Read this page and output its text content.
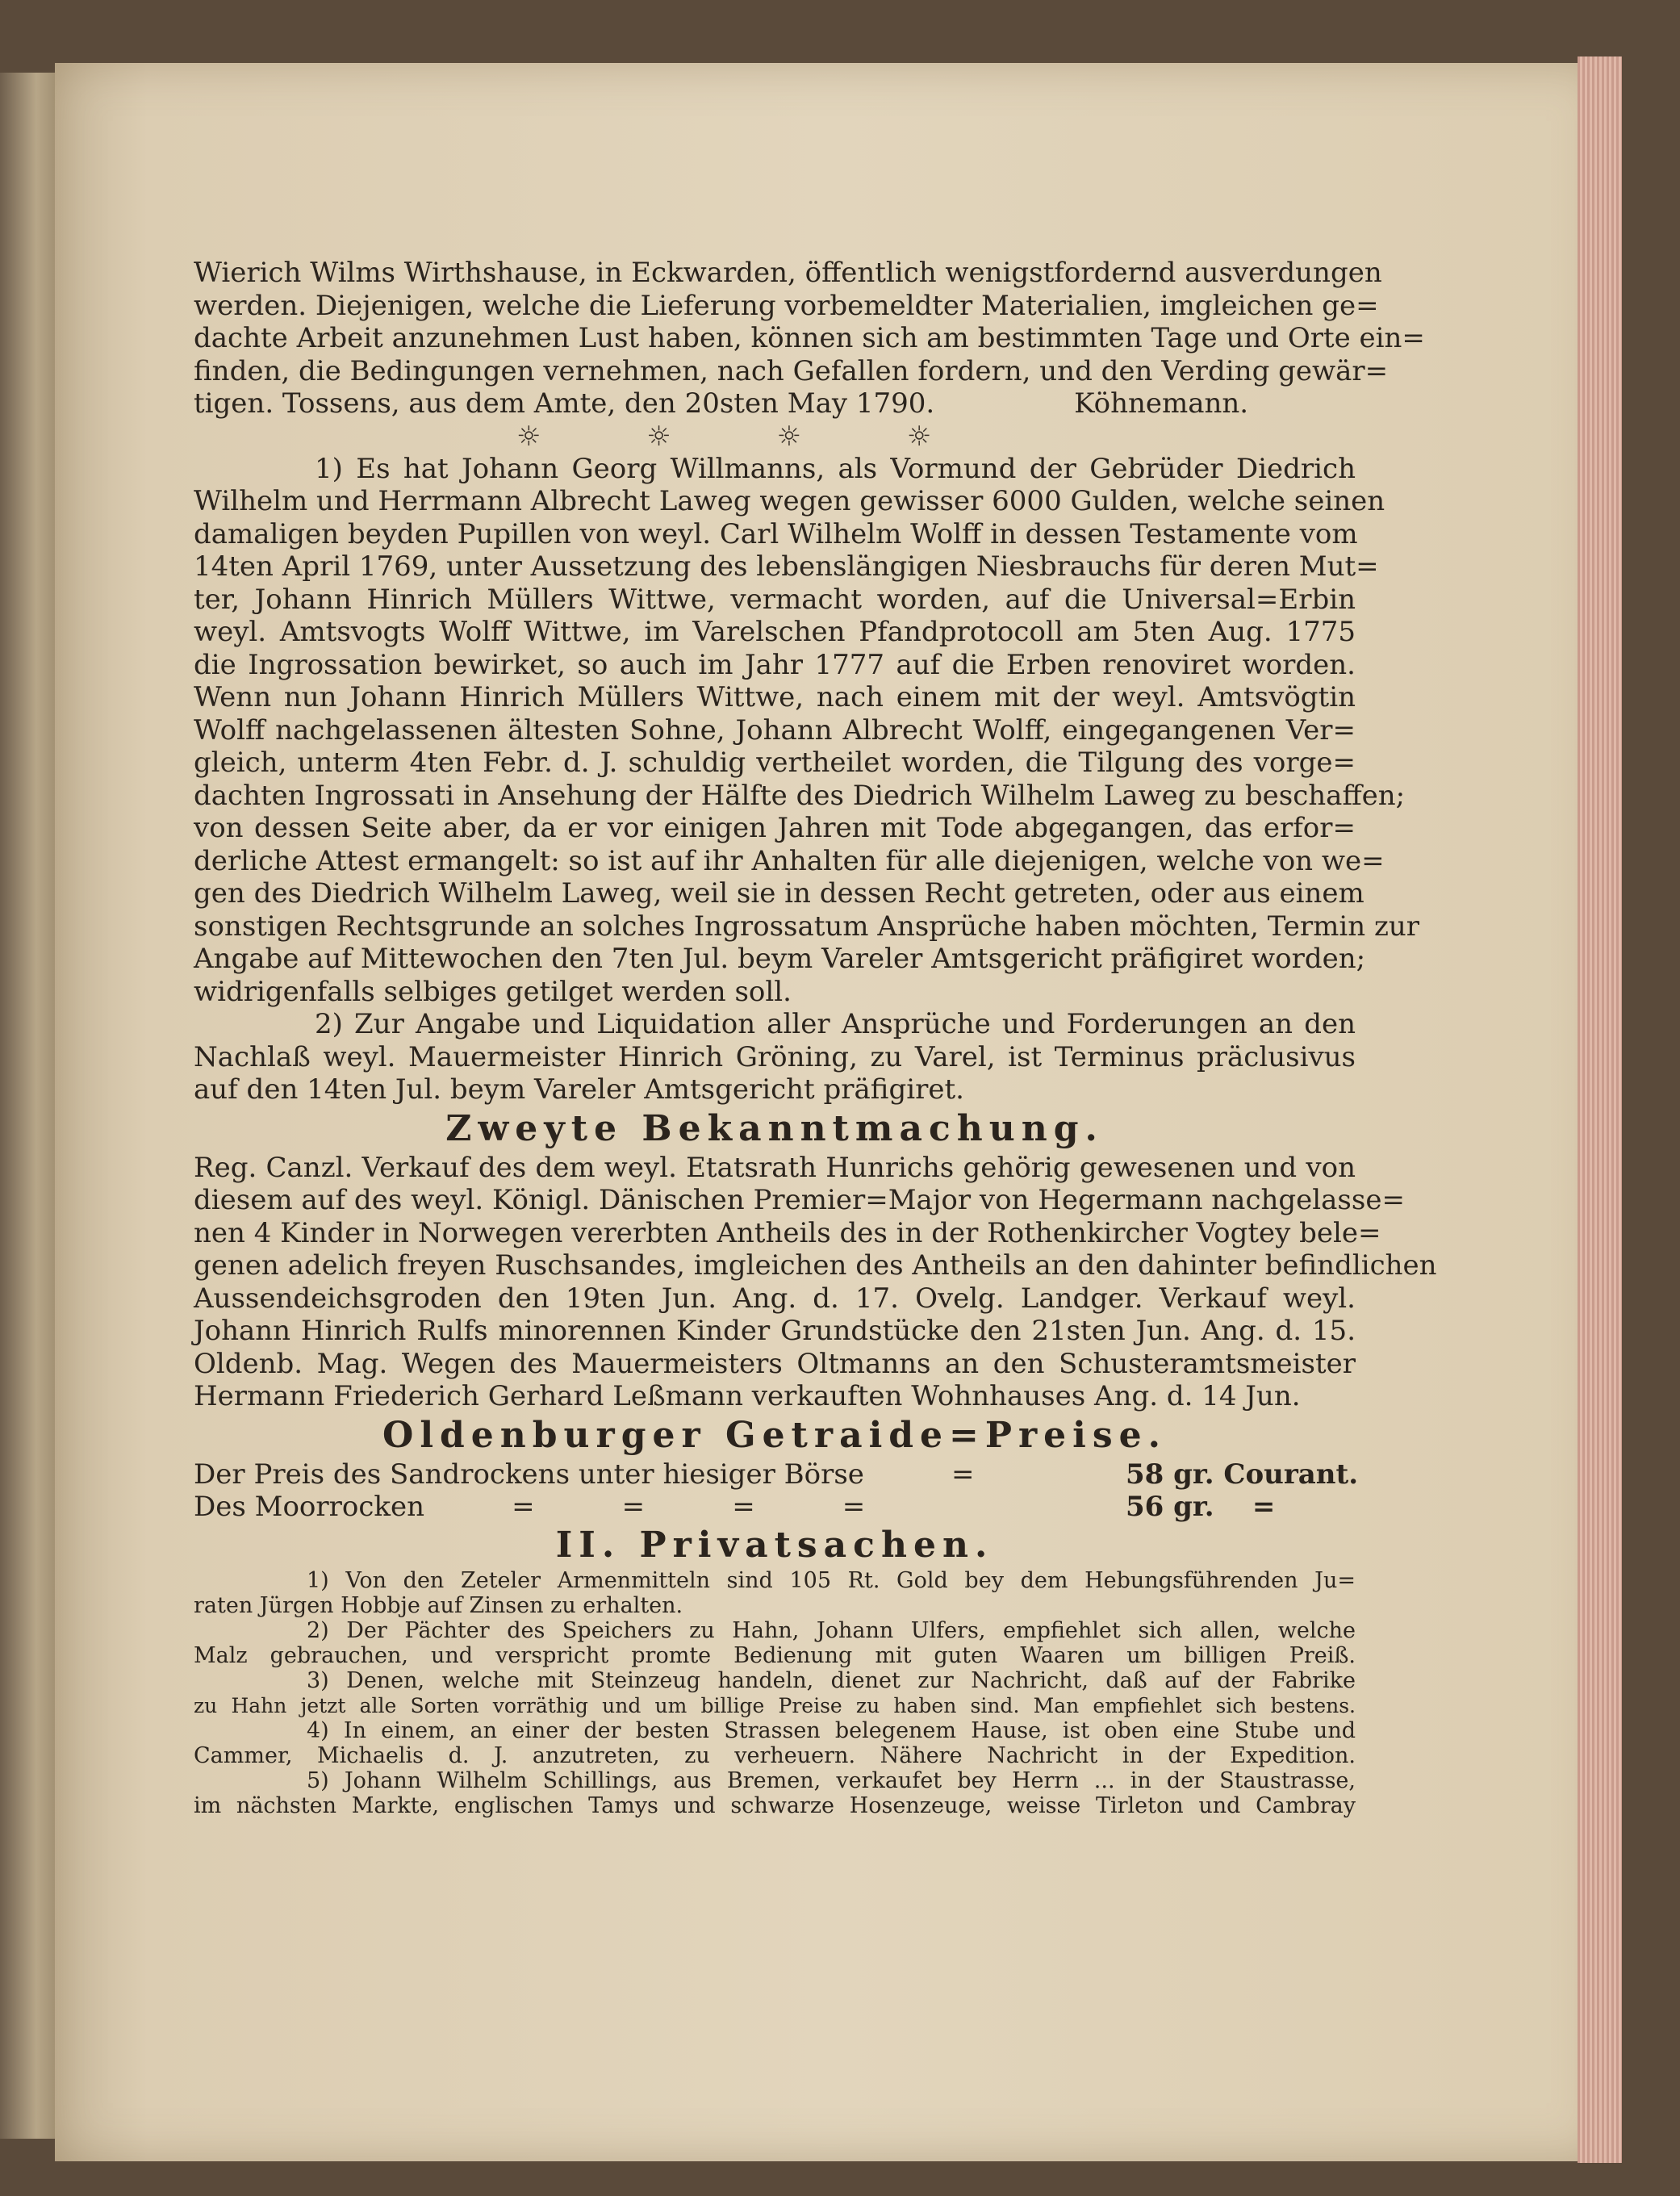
Wierich Wilms Wirthshause, in Eckwarden, öffentlich wenigstfordernd ausverdungen
werden. Diejenigen, welche die Lieferung vorbemeldter Materialien, imgleichen ge=
dachte Arbeit anzunehmen Lust haben, können sich am bestimmten Tage und Orte ein=
finden, die Bedingungen vernehmen, nach Gefallen fordern, und den Verding gewär=
tigen. Tossens, aus dem Amte, den 20sten May 1790.                Köhnemann.
☼ ☼ ☼ ☼
1) Es hat Johann Georg Willmanns, als Vormund der Gebrüder Diedrich
Wilhelm und Herrmann Albrecht Laweg wegen gewisser 6000 Gulden, welche seinen
damaligen beyden Pupillen von weyl. Carl Wilhelm Wolff in dessen Testamente vom
14ten April 1769, unter Aussetzung des lebenslängigen Niesbrauchs für deren Mut=
ter, Johann Hinrich Müllers Wittwe, vermacht worden, auf die Universal=Erbin
weyl. Amtsvogts Wolff Wittwe, im Varelschen Pfandprotocoll am 5ten Aug. 1775
die Ingrossation bewirket, so auch im Jahr 1777 auf die Erben renoviret worden.
Wenn nun Johann Hinrich Müllers Wittwe, nach einem mit der weyl. Amtsvögtin
Wolff nachgelassenen ältesten Sohne, Johann Albrecht Wolff, eingegangenen Ver=
gleich, unterm 4ten Febr. d. J. schuldig vertheilet worden, die Tilgung des vorge=
dachten Ingrossati in Ansehung der Hälfte des Diedrich Wilhelm Laweg zu beschaffen;
von dessen Seite aber, da er vor einigen Jahren mit Tode abgegangen, das erfor=
derliche Attest ermangelt: so ist auf ihr Anhalten für alle diejenigen, welche von we=
gen des Diedrich Wilhelm Laweg, weil sie in dessen Recht getreten, oder aus einem
sonstigen Rechtsgrunde an solches Ingrossatum Ansprüche haben möchten, Termin zur
Angabe auf Mittewochen den 7ten Jul. beym Vareler Amtsgericht präfigiret worden;
widrigenfalls selbiges getilget werden soll.
2) Zur Angabe und Liquidation aller Ansprüche und Forderungen an den
Nachlaß weyl. Mauermeister Hinrich Gröning, zu Varel, ist Terminus präclusivus
auf den 14ten Jul. beym Vareler Amtsgericht präfigiret.
Zweyte Bekanntmachung.
Reg. Canzl. Verkauf des dem weyl. Etatsrath Hunrichs gehörig gewesenen und von
diesem auf des weyl. Königl. Dänischen Premier=Major von Hegermann nachgelasse=
nen 4 Kinder in Norwegen vererbten Antheils des in der Rothenkircher Vogtey bele=
genen adelich freyen Ruschsandes, imgleichen des Antheils an den dahinter befindlichen
Aussendeichsgroden den 19ten Jun. Ang. d. 17. Ovelg. Landger. Verkauf weyl.
Johann Hinrich Rulfs minorennen Kinder Grundstücke den 21sten Jun. Ang. d. 15.
Oldenb. Mag. Wegen des Mauermeisters Oltmanns an den Schusteramtsmeister
Hermann Friederich Gerhard Leßmann verkauften Wohnhauses Ang. d. 14 Jun.
Oldenburger Getraide=Preise.
Der Preis des Sandrockens unter hiesiger Börse          =	58 gr. Courant.
Des Moorrocken          =          =          =          =	56 gr.    =
II. Privatsachen.
1) Von den Zeteler Armenmitteln sind 105 Rt. Gold bey dem Hebungsführenden Ju=
raten Jürgen Hobbje auf Zinsen zu erhalten.
2) Der Pächter des Speichers zu Hahn, Johann Ulfers, empfiehlet sich allen, welche
Malz gebrauchen, und verspricht promte Bedienung mit guten Waaren um billigen Preiß.
3) Denen, welche mit Steinzeug handeln, dienet zur Nachricht, daß auf der Fabrike
zu Hahn jetzt alle Sorten vorräthig und um billige Preise zu haben sind. Man empfiehlet sich bestens.
4) In einem, an einer der besten Strassen belegenem Hause, ist oben eine Stube und
Cammer, Michaelis d. J. anzutreten, zu verheuern. Nähere Nachricht in der Expedition.
5) Johann Wilhelm Schillings, aus Bremen, verkaufet bey Herrn ... in der Staustrasse,
im nächsten Markte, englischen Tamys und schwarze Hosenzeuge, weisse Tirleton und Cambray
